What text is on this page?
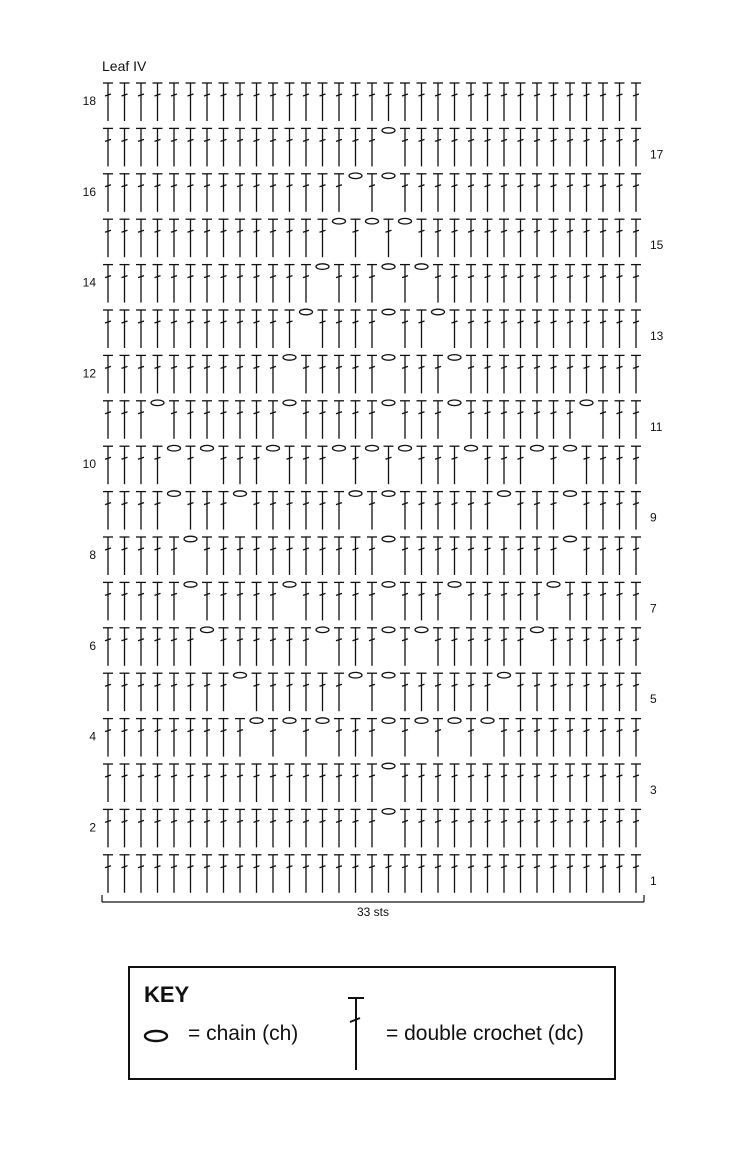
Leaf IV
1
2
3
4
5
6
7
8
9
10
11
12
13
14
15
16
17
18
33 sts
KEY
= chain (ch)	= double crochet (dc)
